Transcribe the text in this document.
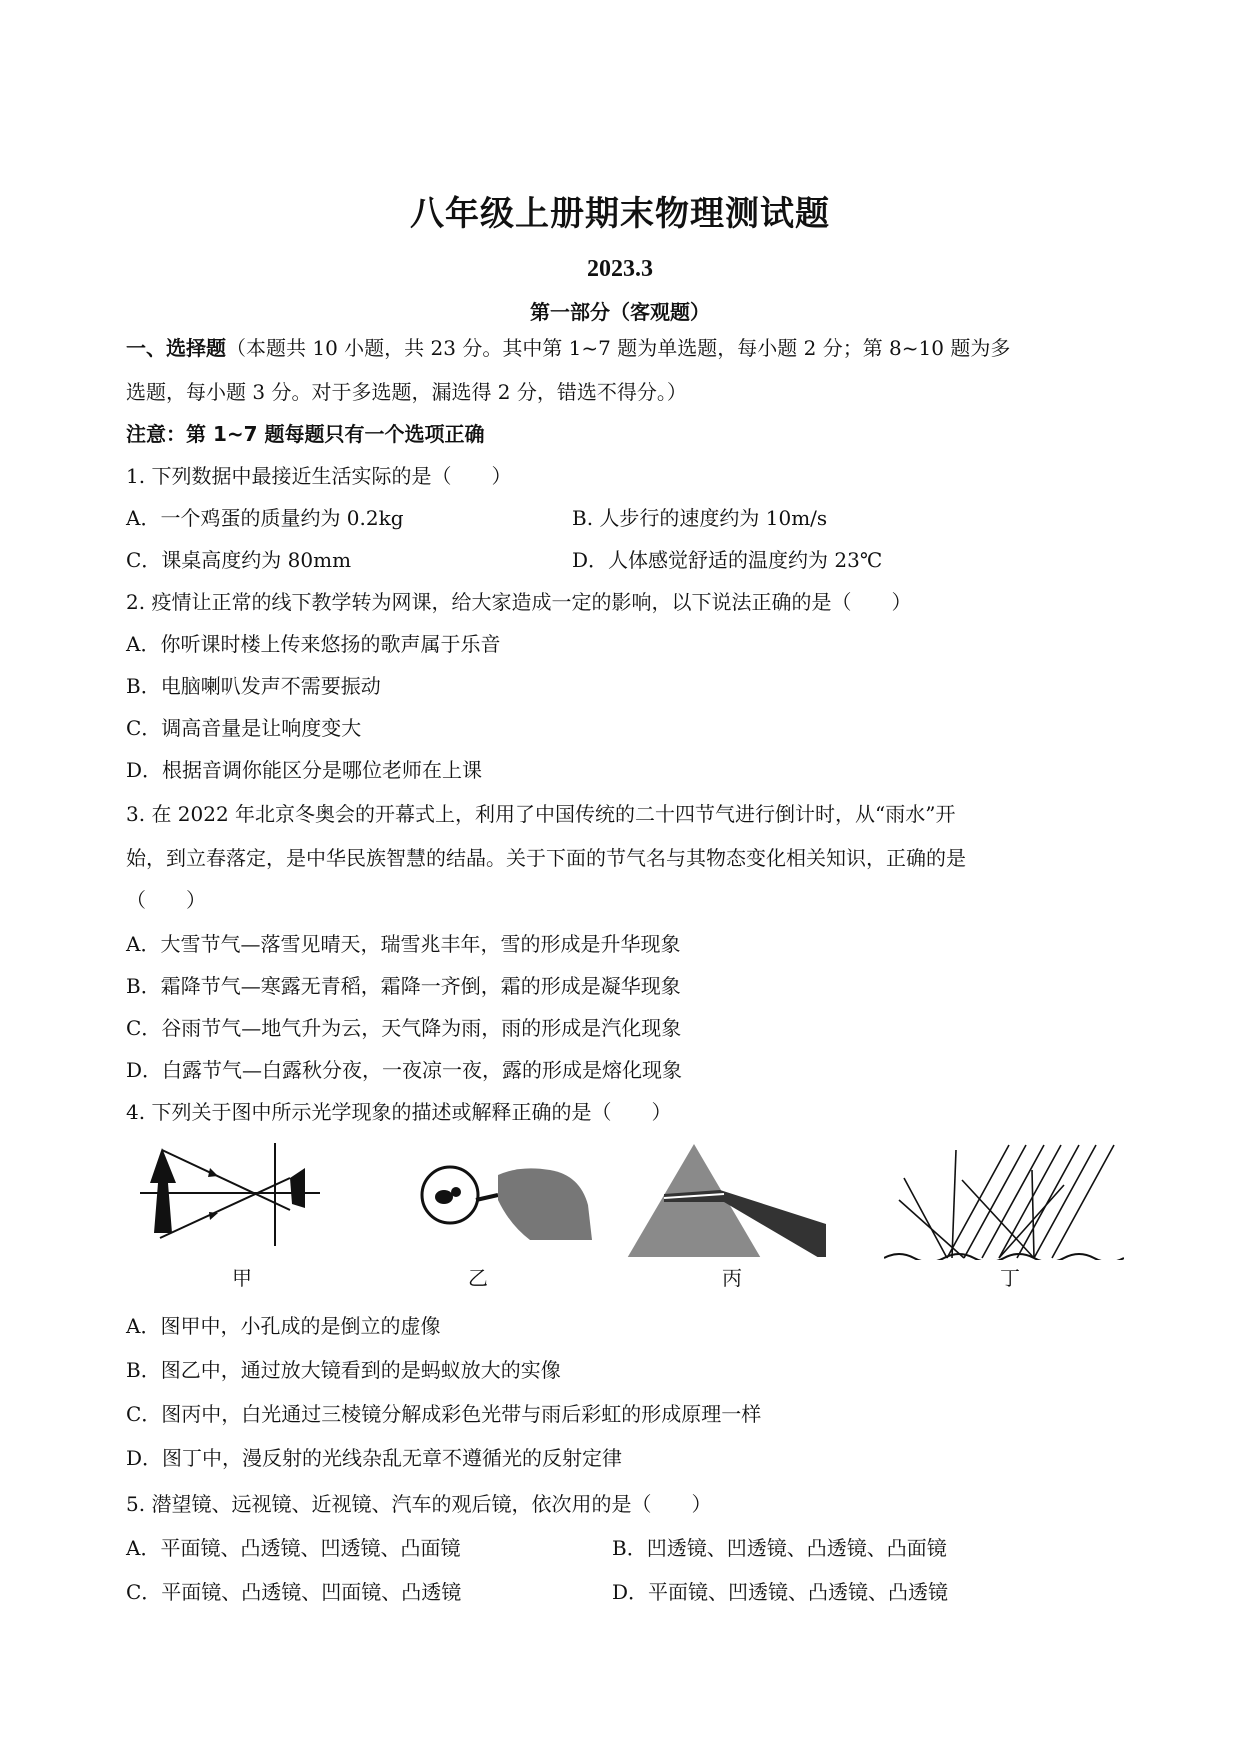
八年级上册期末物理测试题
2023.3
第一部分（客观题）
一、选择题（本题共 10 小题，共 23 分。其中第 1~7 题为单选题，每小题 2 分；第 8~10 题为多
选题，每小题 3 分。对于多选题，漏选得 2 分，错选不得分。）
注意：第 1~7 题每题只有一个选项正确
1. 下列数据中最接近生活实际的是（　　）
A．一个鸡蛋的质量约为 0.2kg	B. 人步行的速度约为 10m/s
C．课桌高度约为 80mm	D．人体感觉舒适的温度约为 23℃
2. 疫情让正常的线下教学转为网课，给大家造成一定的影响，以下说法正确的是（　　）
A．你听课时楼上传来悠扬的歌声属于乐音
B．电脑喇叭发声不需要振动
C．调高音量是让响度变大
D．根据音调你能区分是哪位老师在上课
3. 在 2022 年北京冬奥会的开幕式上，利用了中国传统的二十四节气进行倒计时，从“雨水”开
始，到立春落定，是中华民族智慧的结晶。关于下面的节气名与其物态变化相关知识，正确的是
（　　）
A．大雪节气—落雪见晴天，瑞雪兆丰年，雪的形成是升华现象
B．霜降节气—寒露无青稻，霜降一齐倒，霜的形成是凝华现象
C．谷雨节气—地气升为云，天气降为雨，雨的形成是汽化现象
D．白露节气—白露秋分夜，一夜凉一夜，露的形成是熔化现象
4. 下列关于图中所示光学现象的描述或解释正确的是（　　）
甲	乙	丙	丁
A．图甲中，小孔成的是倒立的虚像
B．图乙中，通过放大镜看到的是蚂蚁放大的实像
C．图丙中，白光通过三棱镜分解成彩色光带与雨后彩虹的形成原理一样
D．图丁中，漫反射的光线杂乱无章不遵循光的反射定律
5. 潜望镜、远视镜、近视镜、汽车的观后镜，依次用的是（　　）
A．平面镜、凸透镜、凹透镜、凸面镜	B．凹透镜、凹透镜、凸透镜、凸面镜
C．平面镜、凸透镜、凹面镜、凸透镜	D．平面镜、凹透镜、凸透镜、凸透镜
